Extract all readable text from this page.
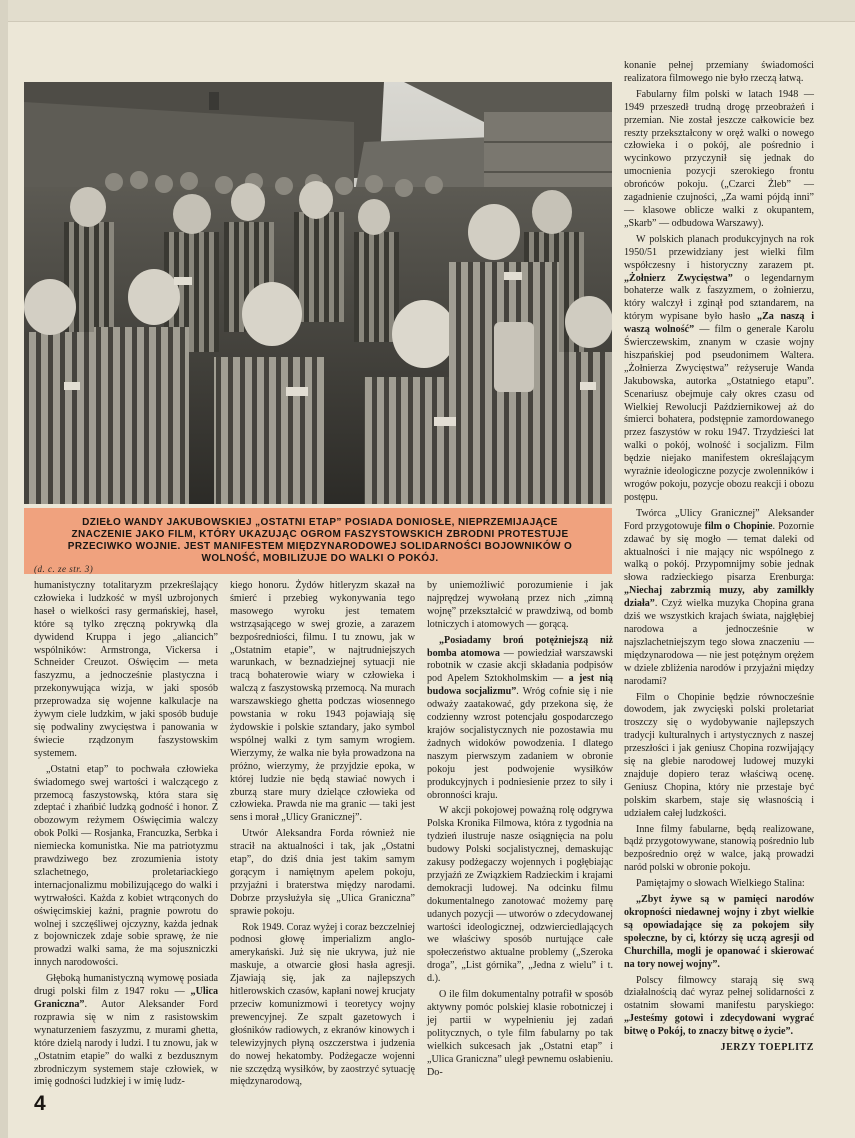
DZIEŁO WANDY JAKUBOWSKIEJ „OSTATNI ETAP” POSIADA DONIOSŁE, NIEPRZEMIJAJĄCE ZNACZENIE JAKO FILM, KTÓRY UKAZUJĄC OGROM FASZYSTOWSKICH ZBRODNI PROTESTUJE PRZECIWKO WOJNIE. JEST MANIFESTEM MIĘDZYNARODOWEJ SOLIDARNOŚCI BOJOWNIKÓW O WOLNOŚĆ, MOBILIZUJE DO WALKI O POKÓJ.
(d. c. ze str. 3)

humanistyczny totalitaryzm przekreślający człowieka i ludzkość w myśl uzbrojonych haseł o wielkości rasy germańskiej, haseł, które są tylko zręczną pokrywką dla dywidend Kruppa i jego „aliancich” wspólników: Armstronga, Vickersa i Schneider Creuzot. Oświęcim — meta faszyzmu, a jednocześnie plastyczna i przekonywująca wizja, w jaki sposób przeprowadza się wojenne kalkulacje na żywym ciele ludzkim, w jaki sposób buduje się podwaliny zwycięstwa i panowania w świecie rządzonym faszystowskim systemem.

„Ostatni etap” to pochwała człowieka świadomego swej wartości i walczącego z przemocą faszystowską, która stara się zdeptać i zhańbić ludzką godność i honor. Z obozowym reżymem Oświęcimia walczy obok Polki — Rosjanka, Francuzka, Serbka i niemiecka komunistka. Nie ma patriotyzmu prawdziwego bez zrozumienia istoty szlachetnego, proletariackiego internacjonalizmu mobilizującego do walki i wytrwałości. Każda z kobiet wtrąconych do oświęcimskiej kaźni, pragnie powrotu do wolnej i szczęśliwej ojczyzny, każda jednak z bojowniczek zdaje sobie sprawę, że nie prowadzi walki sama, że ma sojuszniczki innych narodowości.

Głęboką humanistyczną wymowę posiada drugi polski film z 1947 roku — „Ulica Graniczna”. Autor Aleksander Ford rozprawia się w nim z rasistowskim wynaturzeniem faszyzmu, z murami ghetta, które dzielą narody i ludzi. I tu znowu, jak w „Ostatnim etapie” do walki z bezdusznym zbrodniczym systemem staje człowiek, w imię godności ludzkiej i w imię ludz-

kiego honoru. Żydów hitleryzm skazał na śmierć i przebieg wykonywania tego masowego wyroku jest tematem wstrząsającego w swej grozie, a zarazem bezpośredniości, filmu. I tu znowu, jak w „Ostatnim etapie”, w najtrudniejszych warunkach, w beznadziejnej sytuacji nie tracą bohaterowie wiary w człowieka i walczą z faszystowską przemocą. Na murach warszawskiego ghetta podczas wiosennego powstania w roku 1943 pojawiają się żydowskie i polskie sztandary, jako symbol wspólnej walki z tym samym wrogiem. Wierzymy, że walka nie była prowadzona na próżno, wierzymy, że przyjdzie epoka, w której ludzie nie będą stawiać nowych i zburzą stare mury dzielące człowieka od człowieka. Prawda nie ma granic — taki jest sens i morał „Ulicy Granicznej”.

Utwór Aleksandra Forda również nie stracił na aktualności i tak, jak „Ostatni etap”, do dziś dnia jest takim samym gorącym i namiętnym apelem pokoju, przyjaźni i braterstwa między narodami. Dobrze przysłużyła się „Ulica Graniczna” sprawie pokoju.

Rok 1949. Coraz wyżej i coraz bezczelniej podnosi głowę imperializm anglo-amerykański. Już się nie ukrywa, już nie maskuje, a otwarcie głosi hasła agresji. Zjawiają się, jak za najlepszych hitlerowskich czasów, kapłani nowej krucjaty przeciw komunizmowi i teoretycy wojny prewencyjnej. Ze szpalt gazetowych i głośników radiowych, z ekranów kinowych i telewizyjnych płyną oszczerstwa i judzenia do nowej hekatomby. Podżegacze wojenni nie szczędzą wysiłków, by zaostrzyć sytuację międzynarodową,

by uniemożliwić porozumienie i jak najprędzej wywołaną przez nich „zimną wojnę” przekształcić w prawdziwą, od bomb lotniczych i atomowych — gorącą.

„Posiadamy broń potężniejszą niż bomba atomowa — powiedział warszawski robotnik w czasie akcji składania podpisów pod Apelem Sztokholmskim — a jest nią budowa socjalizmu”. Wróg cofnie się i nie odważy zaatakować, gdy przekona się, że codzienny wzrost potencjału gospodarczego krajów socjalistycznych nie pozostawia mu żadnych widoków powodzenia. I dlatego naszym pierwszym zadaniem w obronie pokoju jest podwojenie wysiłków produkcyjnych i podniesienie przez to siły i obronności kraju.

W akcji pokojowej poważną rolę odgrywa Polska Kronika Filmowa, która z tygodnia na tydzień ilustruje nasze osiągnięcia na polu budowy Polski socjalistycznej, demaskując zakusy podżegaczy wojennych i pogłębiając przyjaźń ze Związkiem Radzieckim i krajami demokracji ludowej. Na odcinku filmu dokumentalnego zanotować możemy parę udanych pozycji — utworów o zdecydowanej wartości ideologicznej, odzwierciedlających we właściwy sposób nurtujące całe społeczeństwo aktualne problemy („Szeroka droga”, „List górnika”, „Jedna z wielu” i t. d.).

O ile film dokumentalny potrafił w sposób aktywny pomóc polskiej klasie robotniczej i jej partii w wypełnieniu jej zadań politycznych, o tyle film fabularny po tak wielkich sukcesach jak „Ostatni etap” i „Ulica Graniczna” uległ pewnemu osłabieniu. Do-

konanie pełnej przemiany świadomości realizatora filmowego nie było rzeczą łatwą.

Fabularny film polski w latach 1948 — 1949 przeszedł trudną drogę przeobrażeń i przemian. Nie został jeszcze całkowicie bez reszty przekształcony w oręż walki o nowego człowieka i o pokój, ale pośrednio i wycinkowo przyczynił się jednak do umocnienia pozycji szerokiego frontu obrońców pokoju. („Czarci Żleb” — zagadnienie czujności, „Za wami pójdą inni” — klasowe oblicze walki z okupantem, „Skarb” — odbudowa Warszawy).

W polskich planach produkcyjnych na rok 1950/51 przewidziany jest wielki film współczesny i historyczny zarazem pt. „Żołnierz Zwycięstwa” o legendarnym bohaterze walk z faszyzmem, o żołnierzu, który walczył i zginął pod sztandarem, na którym wypisane było hasło „Za naszą i waszą wolność” — film o generale Karolu Świerczewskim, znanym w czasie wojny hiszpańskiej pod pseudonimem Waltera. „Żołnierza Zwycięstwa” reżyseruje Wanda Jakubowska, autorka „Ostatniego etapu”. Scenariusz obejmuje cały okres czasu od Wielkiej Rewolucji Październikowej aż do śmierci bohatera, podstępnie zamordowanego przez faszystów w roku 1947. Trzydzieści lat walki o pokój, wolność i socjalizm. Film będzie niejako manifestem określającym wyraźnie ideologiczne pozycje zwolenników i wrogów pokoju, pozycje obozu reakcji i obozu postępu.

Twórca „Ulicy Granicznej” Aleksander Ford przygotowuje film o Chopinie. Pozornie zdawać by się mogło — temat daleki od aktualności i nie mający nic wspólnego z walką o pokój. Przypomnijmy sobie jednak słowa radzieckiego pisarza Erenburga: „Niechaj zabrzmią muzy, aby zamilkły działa”. Czyż wielka muzyka Chopina grana dziś we wszystkich krajach świata, najgłębiej narodowa a jednocześnie w najszlachetniejszym tego słowa znaczeniu — międzynarodowa — nie jest potężnym orężem w dziele zbliżenia narodów i przyjaźni między narodami?

Film o Chopinie będzie równocześnie dowodem, jak zwycięski polski proletariat troszczy się o wydobywanie najlepszych tradycji kulturalnych i artystycznych z naszej przeszłości i jak geniusz Chopina rozwijający się na glebie narodowej ludowej muzyki znajduje dopiero teraz właściwą ocenę. Geniusz Chopina, który nie przestaje być polskim skarbem, staje się własnością i udziałem całej ludzkości.

Inne filmy fabularne, będą realizowane, bądź przygotowywane, stanowią pośrednio lub bezpośrednio oręż w walce, jaką prowadzi naród polski w obronie pokoju.

Pamiętajmy o słowach Wielkiego Stalina:

„Zbyt żywe są w pamięci narodów okropności niedawnej wojny i zbyt wielkie są opowiadające się za pokojem siły społeczne, by ci, którzy się uczą agresji od Churchilla, mogli je opanować i skierować na tory nowej wojny”.

Polscy filmowcy starają się swą działalnością dać wyraz pełnej solidarności z ostatnim słowami manifestu paryskiego: „Jesteśmy gotowi i zdecydowani wygrać bitwę o Pokój, to znaczy bitwę o życie”.

JERZY TOEPLITZ

4
